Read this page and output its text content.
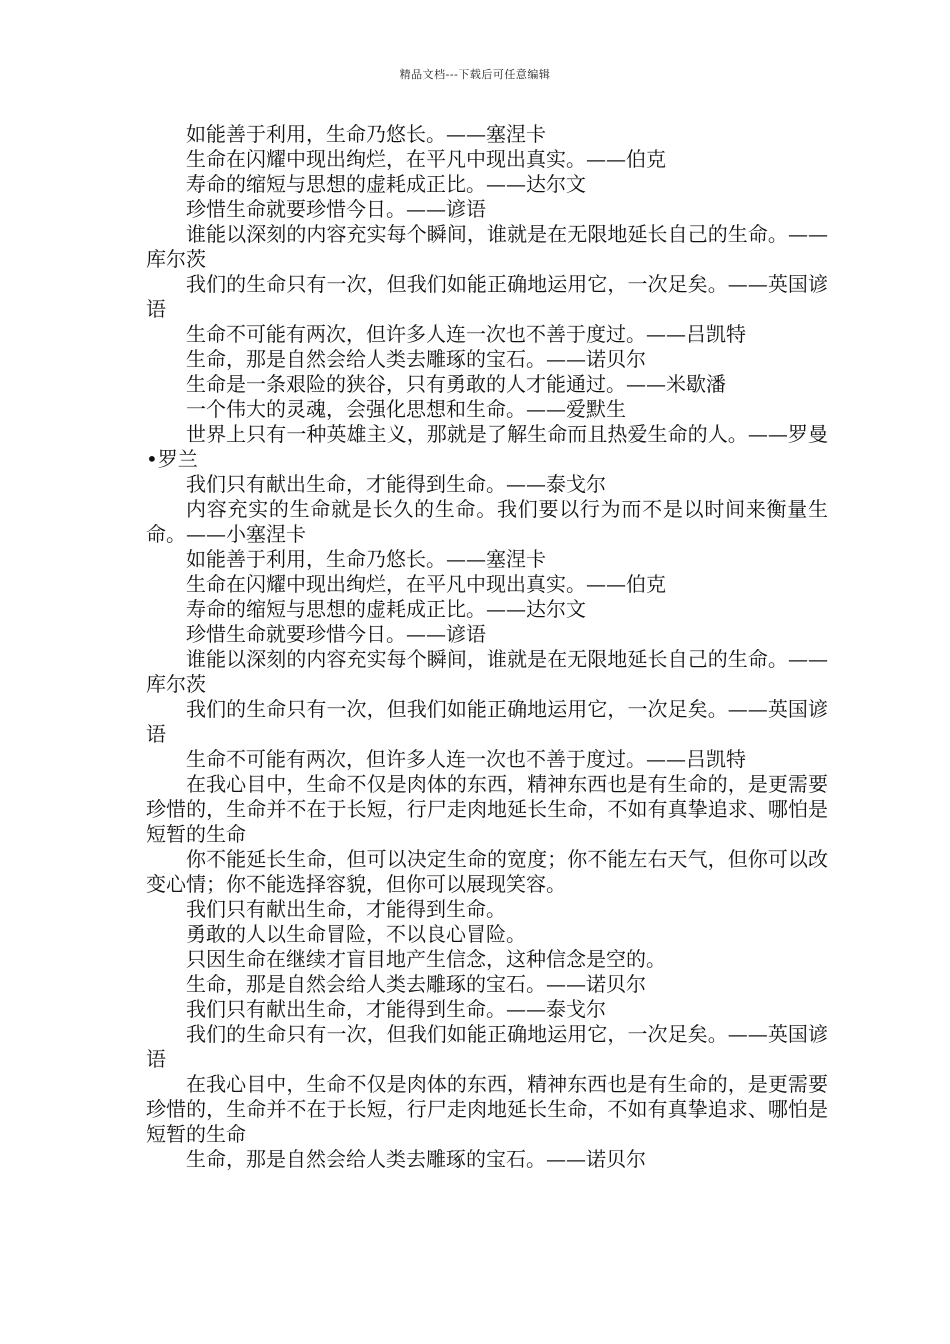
精品文档---下载后可任意编辑

如能善于利用，生命乃悠长。——塞涅卡

生命在闪耀中现出绚烂，在平凡中现出真实。——伯克

寿命的缩短与思想的虚耗成正比。——达尔文

珍惜生命就要珍惜今日。——谚语

谁能以深刻的内容充实每个瞬间，谁就是在无限地延长自己的生命。——库尔茨

我们的生命只有一次，但我们如能正确地运用它，一次足矣。——英国谚语

生命不可能有两次，但许多人连一次也不善于度过。——吕凯特

生命，那是自然会给人类去雕琢的宝石。——诺贝尔

生命是一条艰险的狭谷，只有勇敢的人才能通过。——米歇潘

一个伟大的灵魂，会强化思想和生命。——爱默生

世界上只有一种英雄主义，那就是了解生命而且热爱生命的人。——罗曼•罗兰

我们只有献出生命，才能得到生命。——泰戈尔

内容充实的生命就是长久的生命。我们要以行为而不是以时间来衡量生命。——小塞涅卡

如能善于利用，生命乃悠长。——塞涅卡

生命在闪耀中现出绚烂，在平凡中现出真实。——伯克

寿命的缩短与思想的虚耗成正比。——达尔文

珍惜生命就要珍惜今日。——谚语

谁能以深刻的内容充实每个瞬间，谁就是在无限地延长自己的生命。——库尔茨

我们的生命只有一次，但我们如能正确地运用它，一次足矣。——英国谚语

生命不可能有两次，但许多人连一次也不善于度过。——吕凯特

在我心目中，生命不仅是肉体的东西，精神东西也是有生命的，是更需要珍惜的，生命并不在于长短，行尸走肉地延长生命，不如有真挚追求、哪怕是短暂的生命

你不能延长生命，但可以决定生命的宽度；你不能左右天气，但你可以改变心情；你不能选择容貌，但你可以展现笑容。

我们只有献出生命，才能得到生命。

勇敢的人以生命冒险，不以良心冒险。

只因生命在继续才盲目地产生信念，这种信念是空的。

生命，那是自然会给人类去雕琢的宝石。——诺贝尔

我们只有献出生命，才能得到生命。——泰戈尔

我们的生命只有一次，但我们如能正确地运用它，一次足矣。——英国谚语

在我心目中，生命不仅是肉体的东西，精神东西也是有生命的，是更需要珍惜的，生命并不在于长短，行尸走肉地延长生命，不如有真挚追求、哪怕是短暂的生命

生命，那是自然会给人类去雕琢的宝石。——诺贝尔
